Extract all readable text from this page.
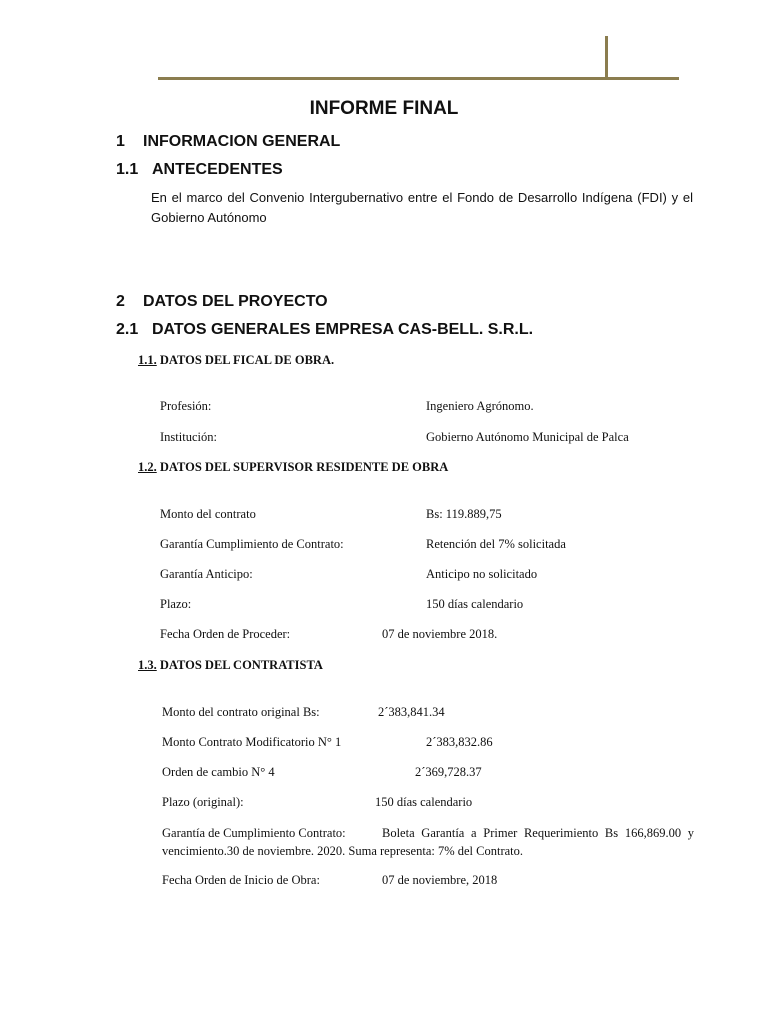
INFORME FINAL
1 INFORMACION GENERAL
1.1 ANTECEDENTES
En el marco del Convenio Intergubernativo entre el Fondo de Desarrollo Indígena (FDI) y el Gobierno Autónomo
2 DATOS DEL PROYECTO
2.1 DATOS GENERALES EMPRESA CAS-BELL. S.R.L.
1.1. DATOS DEL FICAL DE OBRA.
Profesión:	Ingeniero Agrónomo.
Institución:	Gobierno Autónomo Municipal de Palca
1.2. DATOS DEL SUPERVISOR RESIDENTE DE OBRA
Monto del contrato	Bs: 119.889,75
Garantía Cumplimiento de Contrato:	Retención del 7% solicitada
Garantía Anticipo:	Anticipo no solicitado
Plazo:	150 días calendario
Fecha Orden de Proceder:	07 de noviembre 2018.
1.3. DATOS DEL CONTRATISTA
Monto del contrato original Bs:	2´383,841.34
Monto Contrato Modificatorio N° 1	2´383,832.86
Orden de cambio N° 4	2´369,728.37
Plazo (original):	150 días calendario
Garantía de Cumplimiento Contrato:	Boleta Garantía a Primer Requerimiento Bs 166,869.00 y vencimiento.30 de noviembre. 2020. Suma representa: 7% del Contrato.
Fecha Orden de Inicio de Obra:	07 de noviembre, 2018
